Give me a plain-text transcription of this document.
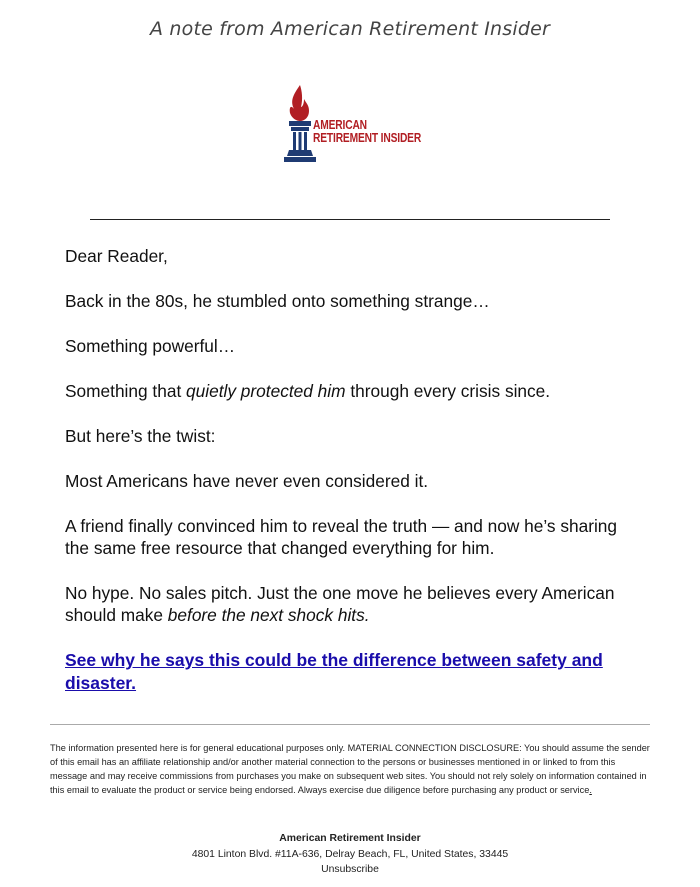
A note from American Retirement Insider
AMERICAN
RETIREMENT INSIDER

Dear Reader,

Back in the 80s, he stumbled onto something strange…

Something powerful…

Something that quietly protected him through every crisis since.

But here’s the twist:

Most Americans have never even considered it.

A friend finally convinced him to reveal the truth — and now he’s sharing the same free resource that changed everything for him.

No hype. No sales pitch. Just the one move he believes every American should make before the next shock hits.

See why he says this could be the difference between safety and disaster.

The information presented here is for general educational purposes only. MATERIAL CONNECTION DISCLOSURE: You should assume the sender of this email has an affiliate relationship and/or another material connection to the persons or businesses mentioned in or linked to from this message and may receive commissions from purchases you make on subsequent web sites. You should not rely solely on information contained in this email to evaluate the product or service being endorsed. Always exercise due diligence before purchasing any product or service.
American Retirement Insider
4801 Linton Blvd. #11A-636, Delray Beach, FL, United States, 33445
Unsubscribe
